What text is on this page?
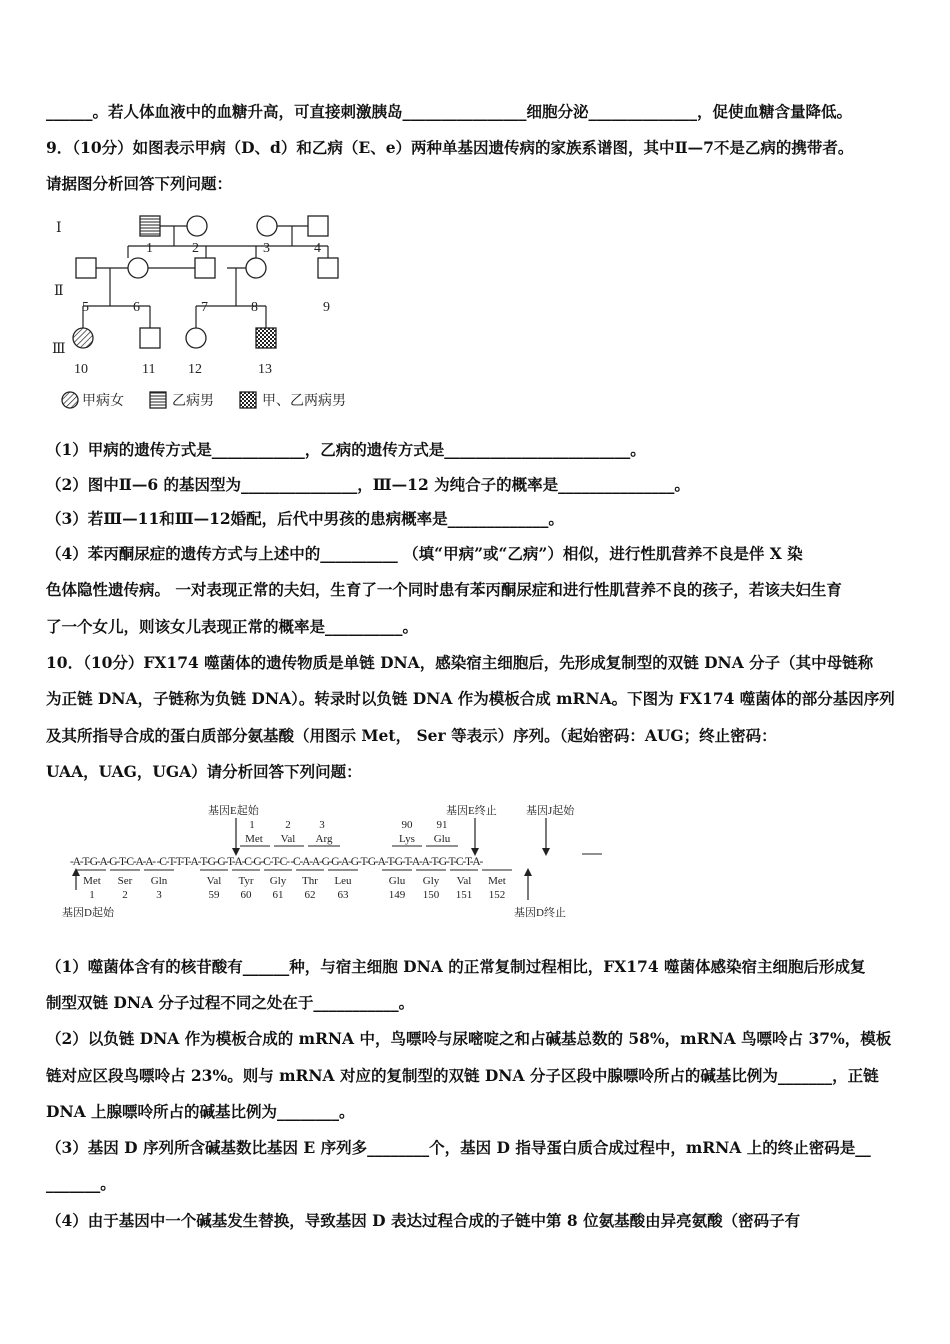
______。若人体血液中的血糖升高，可直接刺激胰岛________________细胞分泌______________，促使血糖含量降低。
9．（10分）如图表示甲病（D、d）和乙病（E、e）两种单基因遗传病的家族系谱图，其中Ⅱ—7不是乙病的携带者。
请据图分析回答下列问题：
Ⅰ
Ⅱ
Ⅲ
1	2	3	4
5	6	7	8	9
10	11 12	13
甲病女	乙病男	甲、乙两病男
（1）甲病的遗传方式是____________，乙病的遗传方式是________________________。
（2）图中Ⅱ—6 的基因型为_______________，Ⅲ—12 为纯合子的概率是_______________。
（3）若Ⅲ—11和Ⅲ—12婚配，后代中男孩的患病概率是_____________。
（4）苯丙酮尿症的遗传方式与上述中的__________ （填“甲病”或“乙病”）相似，进行性肌营养不良是伴 X 染
色体隐性遗传病。 一对表现正常的夫妇，生育了一个同时患有苯丙酮尿症和进行性肌营养不良的孩子，若该夫妇生育
了一个女儿，则该女儿表现正常的概率是__________。
10．（10分）FX174 噬菌体的遗传物质是单链 DNA，感染宿主细胞后，先形成复制型的双链 DNA 分子（其中母链称
为正链 DNA，子链称为负链 DNA）。转录时以负链 DNA 作为模板合成 mRNA。下图为 FX174 噬菌体的部分基因序列
及其所指导合成的蛋白质部分氨基酸（用图示 Met， Ser 等表示）序列。（起始密码：AUG；终止密码：
UAA，UAG，UGA）请分析回答下列问题：
基因E起始	基因E终止	基因J起始
基因D起始	基因D终止
1
Met
2
Val
3
Arg
90
Lys
91
Glu
-A-T-G-A-G-T-C-A-A- -C-T-T-T-A-T-G-G-T-A-C-G-C-T-C- -C-A-A-G-G-A-G-T-G-A-T-G-T-A-A-T-G-T-C-T-A-
Met
1
Ser
2
Gln
3
Val
59
Tyr
60
Gly
61
Thr
62
Leu
63
Glu
149
Gly
150
Val
151
Met
152
（1）噬菌体含有的核苷酸有______种，与宿主细胞 DNA 的正常复制过程相比，FX174 噬菌体感染宿主细胞后形成复
制型双链 DNA 分子过程不同之处在于___________。
（2）以负链 DNA 作为模板合成的 mRNA 中，鸟嘌呤与尿嘧啶之和占碱基总数的 58%，mRNA 鸟嘌呤占 37%，模板
链对应区段鸟嘌呤占 23%。则与 mRNA 对应的复制型的双链 DNA 分子区段中腺嘌呤所占的碱基比例为_______，正链
DNA 上腺嘌呤所占的碱基比例为________。
（3）基因 D 序列所含碱基数比基因 E 序列多________个，基因 D 指导蛋白质合成过程中，mRNA 上的终止密码是__
_______。
（4）由于基因中一个碱基发生替换，导致基因 D 表达过程合成的子链中第 8 位氨基酸由异亮氨酸（密码子有
